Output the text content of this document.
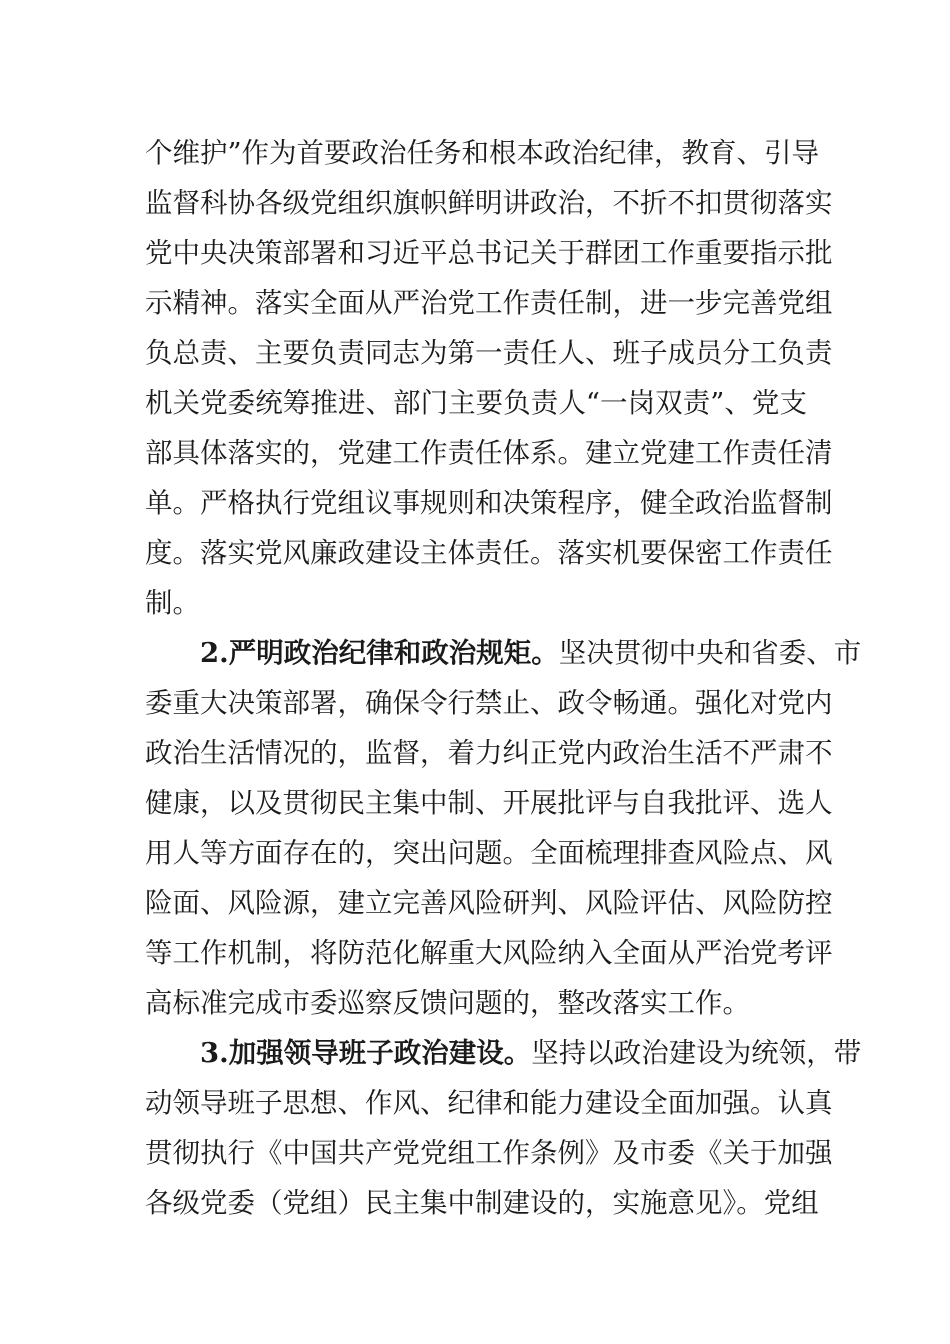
个维护”作为首要政治任务和根本政治纪律，教育、引导
监督科协各级党组织旗帜鲜明讲政治，不折不扣贯彻落实
党中央决策部署和习近平总书记关于群团工作重要指示批
示精神。落实全面从严治党工作责任制，进一步完善党组
负总责、主要负责同志为第一责任人、班子成员分工负责
机关党委统筹推进、部门主要负责人“一岗双责”、党支
部具体落实的，党建工作责任体系。建立党建工作责任清
单。严格执行党组议事规则和决策程序，健全政治监督制
度。落实党风廉政建设主体责任。落实机要保密工作责任
制。
2.严明政治纪律和政治规矩。坚决贯彻中央和省委、市
委重大决策部署，确保令行禁止、政令畅通。强化对党内
政治生活情况的，监督，着力纠正党内政治生活不严肃不
健康，以及贯彻民主集中制、开展批评与自我批评、选人
用人等方面存在的，突出问题。全面梳理排查风险点、风
险面、风险源，建立完善风险研判、风险评估、风险防控
等工作机制，将防范化解重大风险纳入全面从严治党考评
高标准完成市委巡察反馈问题的，整改落实工作。
3.加强领导班子政治建设。坚持以政治建设为统领，带
动领导班子思想、作风、纪律和能力建设全面加强。认真
贯彻执行《中国共产党党组工作条例》及市委《关于加强
各级党委（党组）民主集中制建设的，实施意见》。党组
